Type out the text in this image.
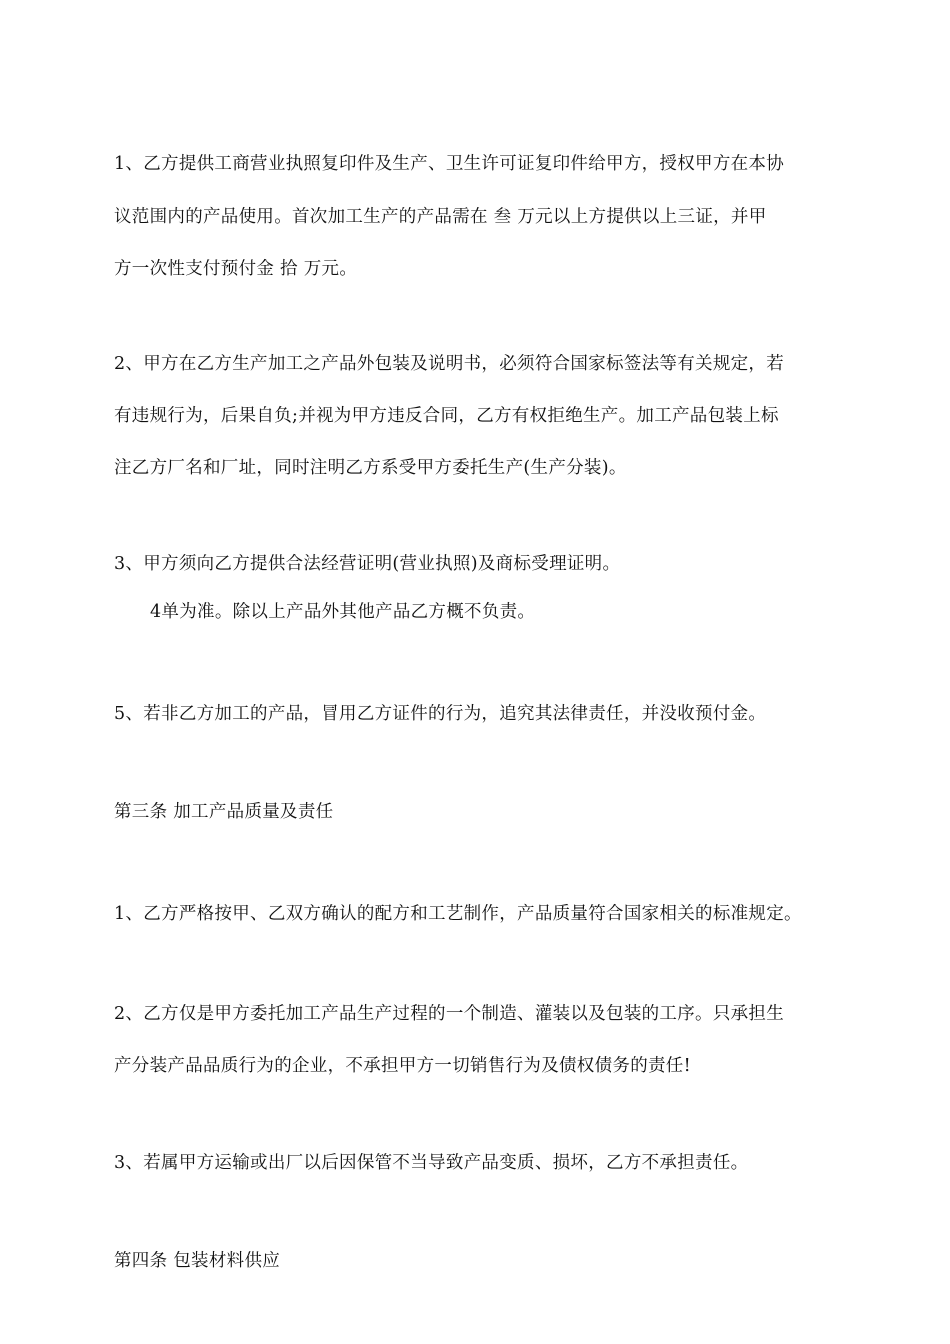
1、乙方提供工商营业执照复印件及生产、卫生许可证复印件给甲方，授权甲方在本协
议范围内的产品使用。首次加工生产的产品需在 叁 万元以上方提供以上三证，并甲
方一次性支付预付金 拾 万元。
2、甲方在乙方生产加工之产品外包装及说明书，必须符合国家标签法等有关规定，若
有违规行为，后果自负;并视为甲方违反合同，乙方有权拒绝生产。加工产品包装上标
注乙方厂名和厂址，同时注明乙方系受甲方委托生产(生产分装)。
3、甲方须向乙方提供合法经营证明(营业执照)及商标受理证明。
4单为准。除以上产品外其他产品乙方概不负责。
5、若非乙方加工的产品，冒用乙方证件的行为，追究其法律责任，并没收预付金。
第三条 加工产品质量及责任
1、乙方严格按甲、乙双方确认的配方和工艺制作，产品质量符合国家相关的标准规定。
2、乙方仅是甲方委托加工产品生产过程的一个制造、灌装以及包装的工序。只承担生
产分装产品品质行为的企业，不承担甲方一切销售行为及债权债务的责任!
3、若属甲方运输或出厂以后因保管不当导致产品变质、损坏，乙方不承担责任。
第四条 包装材料供应
